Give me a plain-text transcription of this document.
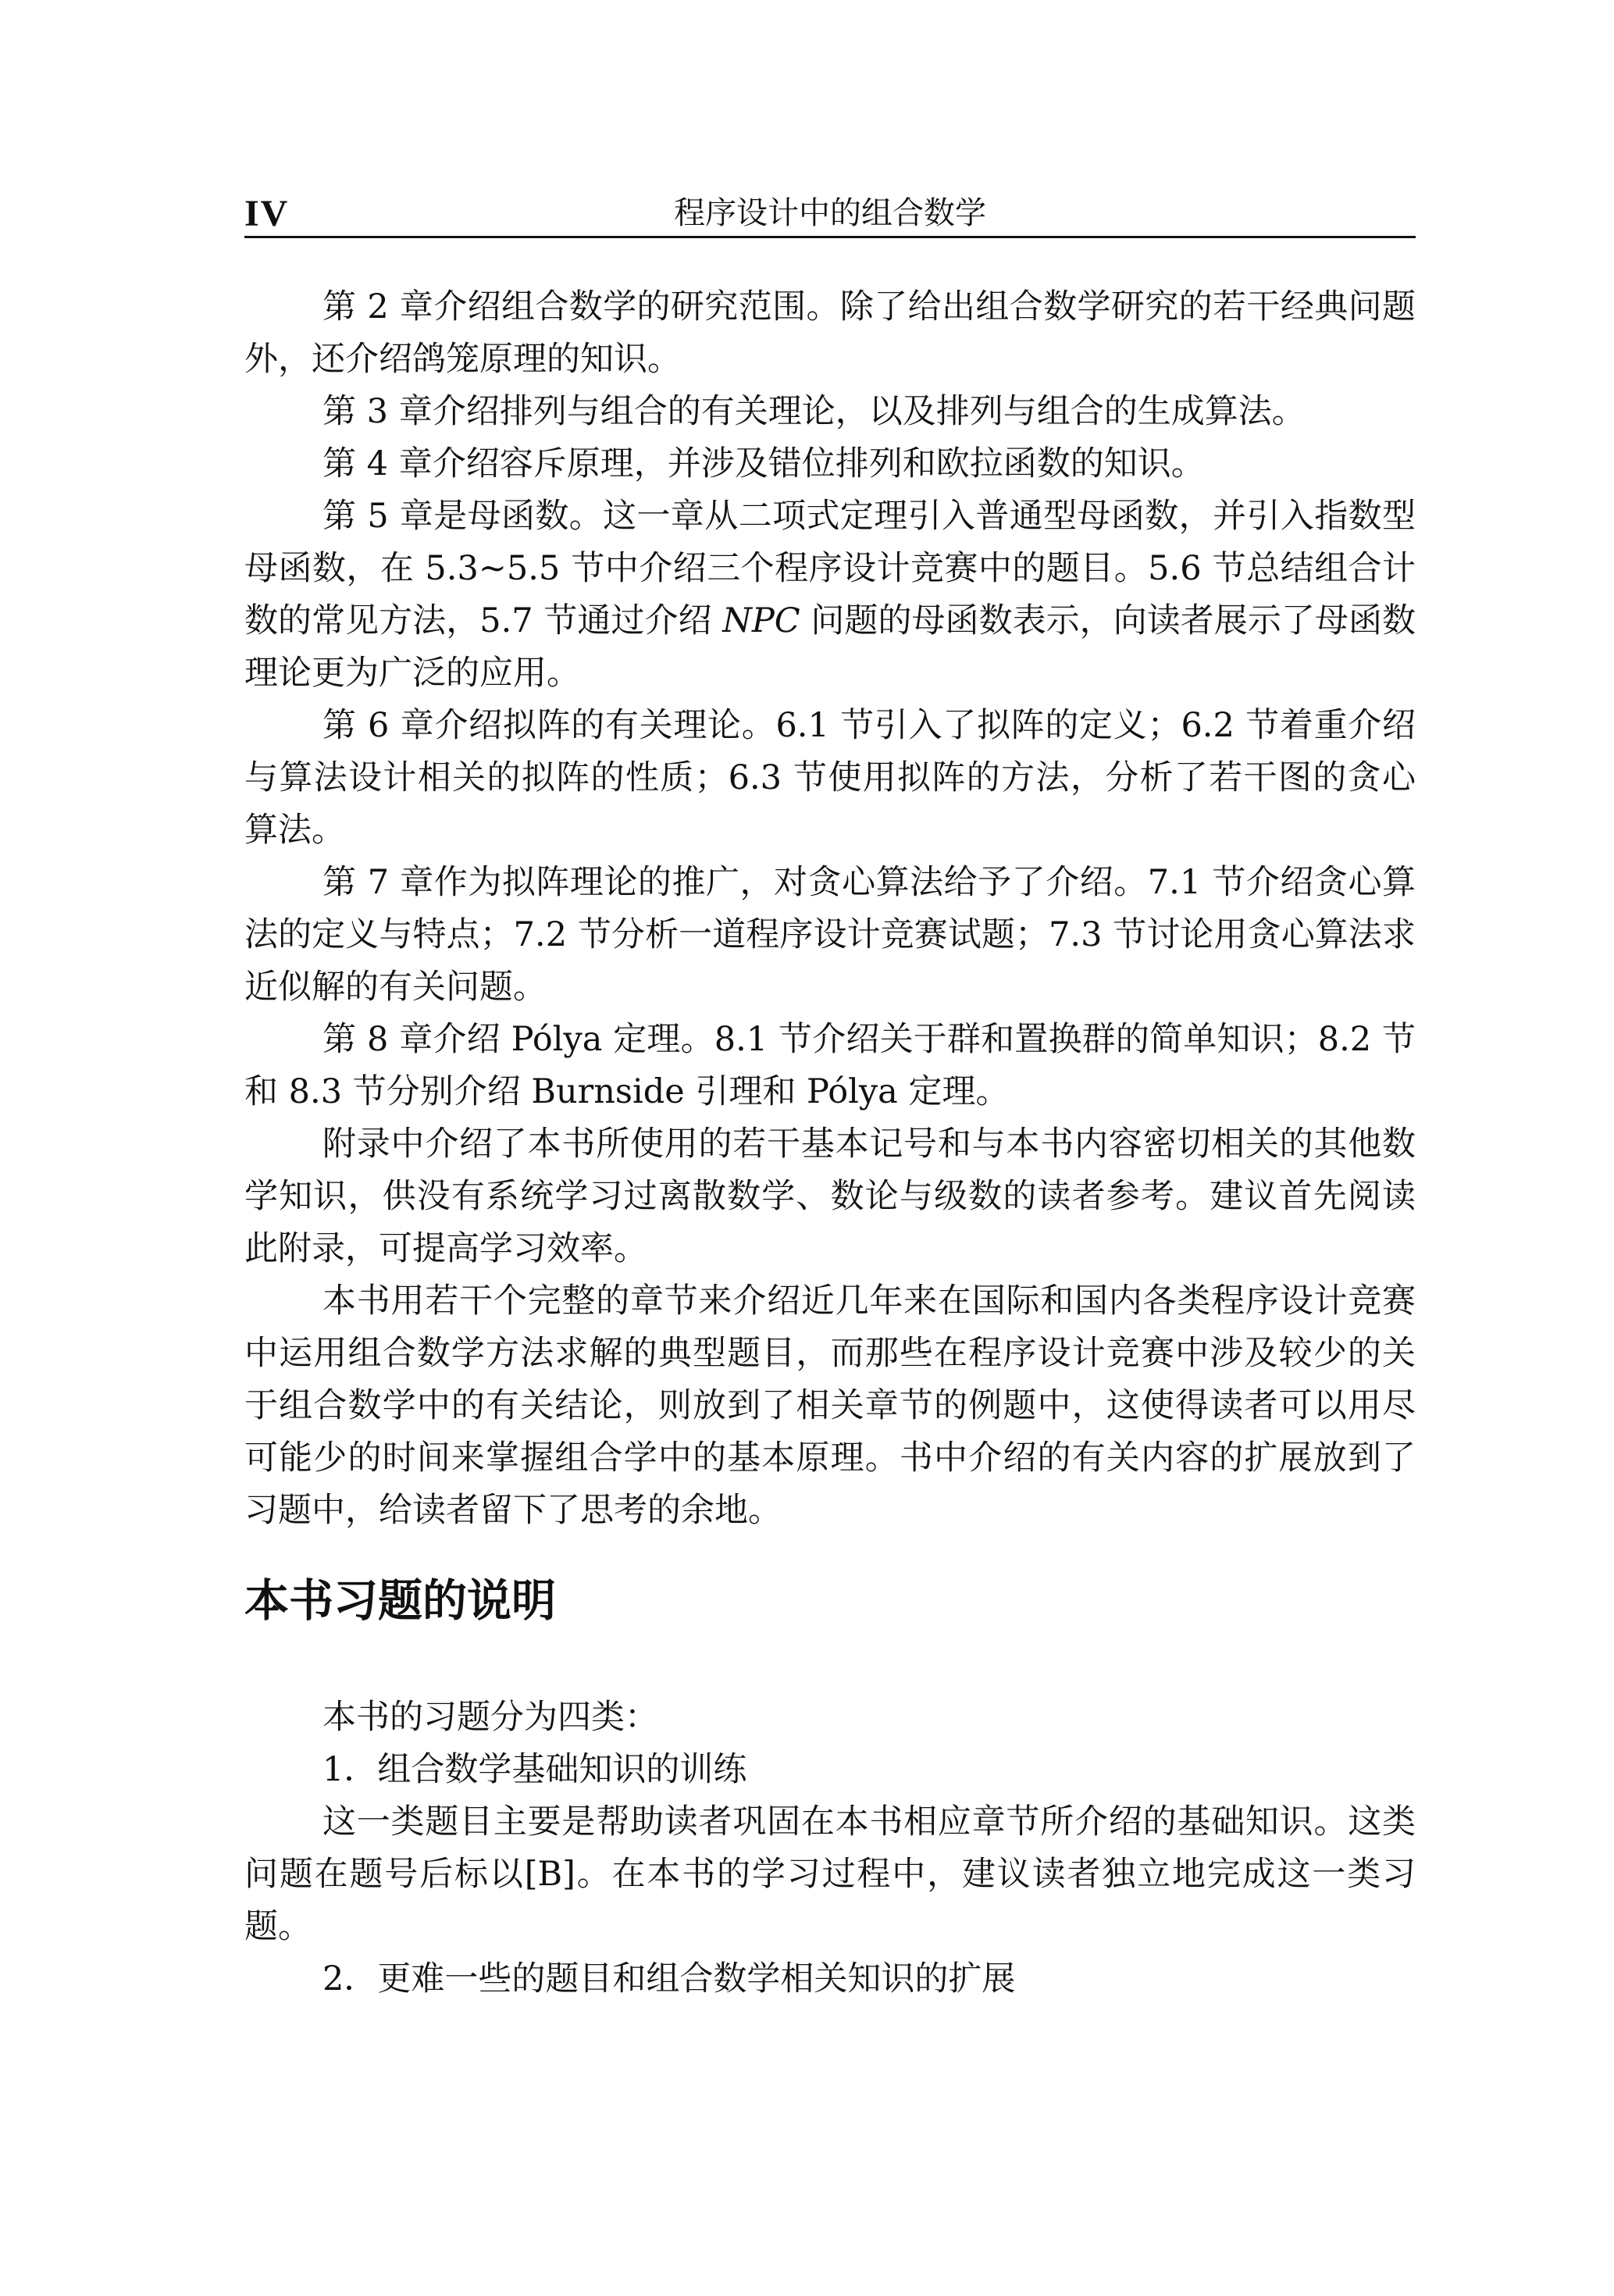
IV	程序设计中的组合数学

第 2 章介绍组合数学的研究范围。除了给出组合数学研究的若干经典问题外，还介绍鸽笼原理的知识。

第 3 章介绍排列与组合的有关理论，以及排列与组合的生成算法。

第 4 章介绍容斥原理，并涉及错位排列和欧拉函数的知识。

第 5 章是母函数。这一章从二项式定理引入普通型母函数，并引入指数型母函数，在 5.3~5.5 节中介绍三个程序设计竞赛中的题目。5.6 节总结组合计数的常见方法，5.7 节通过介绍 NPC 问题的母函数表示，向读者展示了母函数理论更为广泛的应用。

第 6 章介绍拟阵的有关理论。6.1 节引入了拟阵的定义；6.2 节着重介绍与算法设计相关的拟阵的性质；6.3 节使用拟阵的方法，分析了若干图的贪心算法。

第 7 章作为拟阵理论的推广，对贪心算法给予了介绍。7.1 节介绍贪心算法的定义与特点；7.2 节分析一道程序设计竞赛试题；7.3 节讨论用贪心算法求近似解的有关问题。

第 8 章介绍 Pólya 定理。8.1 节介绍关于群和置换群的简单知识；8.2 节和 8.3 节分别介绍 Burnside 引理和 Pólya 定理。

附录中介绍了本书所使用的若干基本记号和与本书内容密切相关的其他数学知识，供没有系统学习过离散数学、数论与级数的读者参考。建议首先阅读此附录，可提高学习效率。

本书用若干个完整的章节来介绍近几年来在国际和国内各类程序设计竞赛中运用组合数学方法求解的典型题目，而那些在程序设计竞赛中涉及较少的关于组合数学中的有关结论，则放到了相关章节的例题中，这使得读者可以用尽可能少的时间来掌握组合学中的基本原理。书中介绍的有关内容的扩展放到了习题中，给读者留下了思考的余地。

本书习题的说明

本书的习题分为四类：

1．组合数学基础知识的训练

这一类题目主要是帮助读者巩固在本书相应章节所介绍的基础知识。这类问题在题号后标以[B]。在本书的学习过程中，建议读者独立地完成这一类习题。

2．更难一些的题目和组合数学相关知识的扩展
